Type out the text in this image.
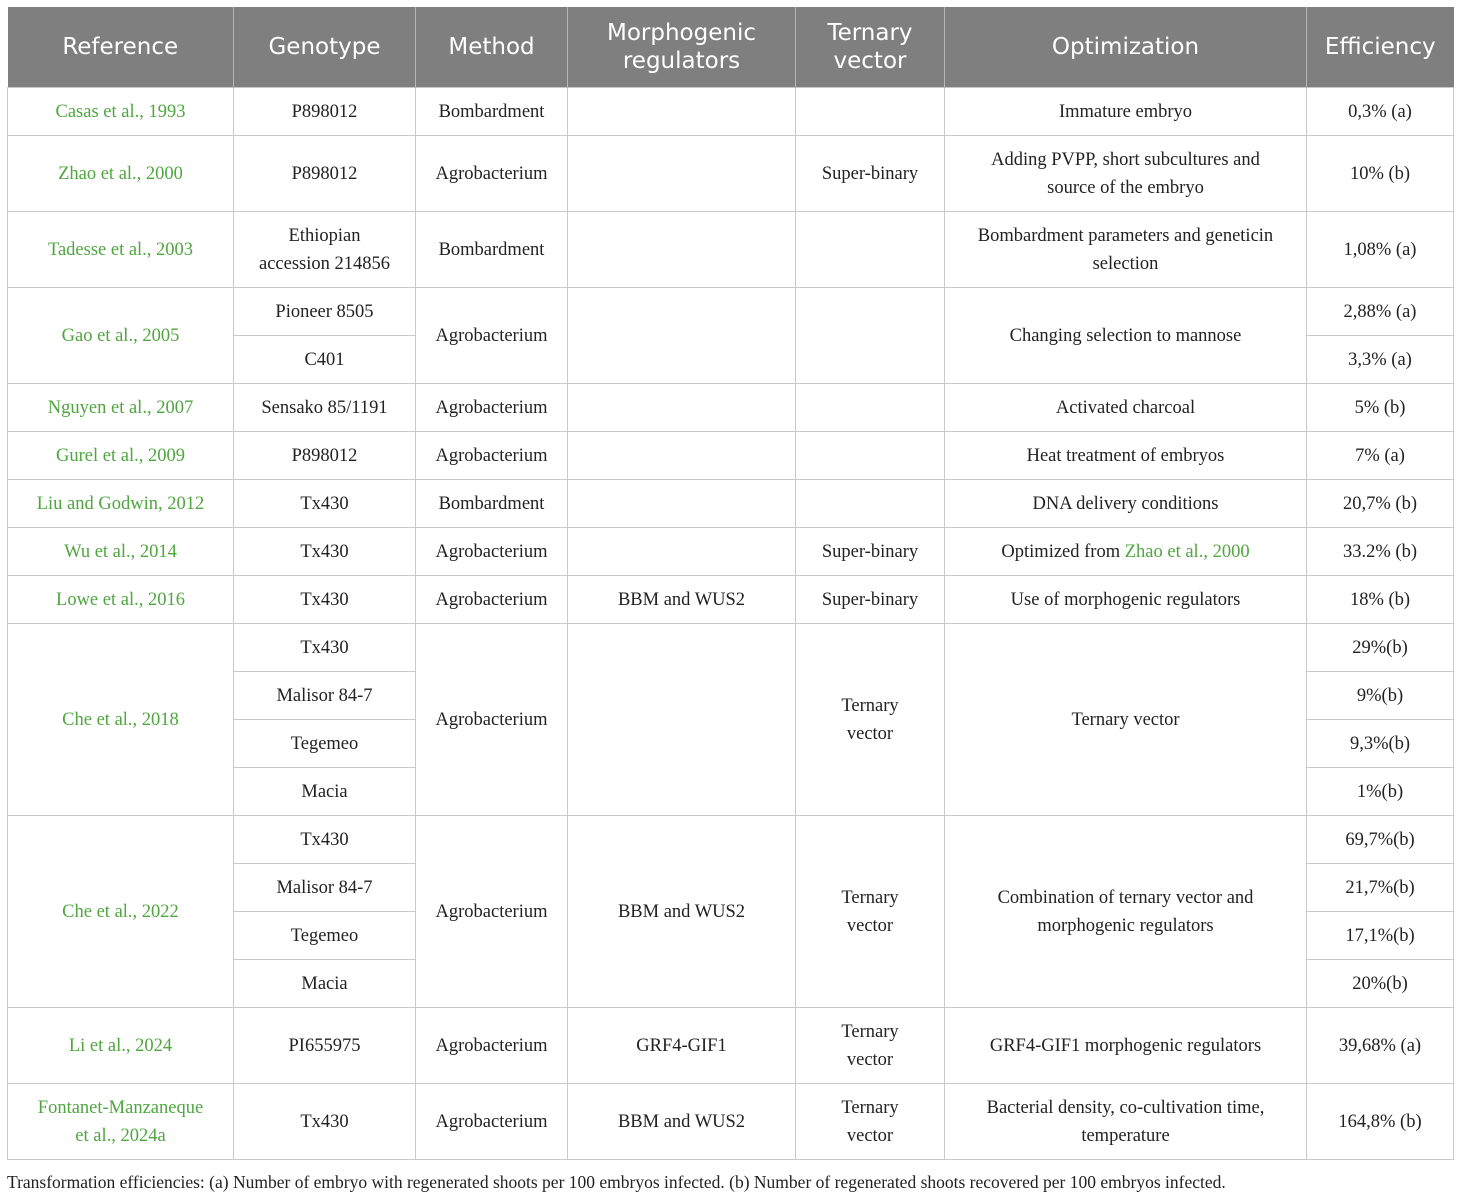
Reference	Genotype	Method	Morphogenic
regulators	Ternary
vector	Optimization	Efficiency
Casas et al., 1993	P898012	Bombardment			Immature embryo	0,3% (a)
Zhao et al., 2000	P898012	Agrobacterium		Super-binary	Adding PVPP, short subcultures and
source of the embryo	10% (b)
Tadesse et al., 2003	Ethiopian
accession 214856	Bombardment			Bombardment parameters and geneticin
selection	1,08% (a)
Gao et al., 2005	Pioneer 8505	Agrobacterium			Changing selection to mannose	2,88% (a)
	C401					3,3% (a)
Nguyen et al., 2007	Sensako 85/1191	Agrobacterium			Activated charcoal	5% (b)
Gurel et al., 2009	P898012	Agrobacterium			Heat treatment of embryos	7% (a)
Liu and Godwin, 2012	Tx430	Bombardment			DNA delivery conditions	20,7% (b)
Wu et al., 2014	Tx430	Agrobacterium		Super-binary	Optimized from Zhao et al., 2000	33.2% (b)
Lowe et al., 2016	Tx430	Agrobacterium	BBM and WUS2	Super-binary	Use of morphogenic regulators	18% (b)
Che et al., 2018	Tx430	Agrobacterium		Ternary
vector	Ternary vector	29%(b)
	Malisor 84-7					9%(b)
	Tegemeo					9,3%(b)
	Macia					1%(b)
Che et al., 2022	Tx430	Agrobacterium	BBM and WUS2	Ternary
vector	Combination of ternary vector and
morphogenic regulators	69,7%(b)
	Malisor 84-7					21,7%(b)
	Tegemeo					17,1%(b)
	Macia					20%(b)
Li et al., 2024	PI655975	Agrobacterium	GRF4-GIF1	Ternary
vector	GRF4-GIF1 morphogenic regulators	39,68% (a)
Fontanet-Manzaneque
et al., 2024a	Tx430	Agrobacterium	BBM and WUS2	Ternary
vector	Bacterial density, co-cultivation time,
temperature	164,8% (b)
Transformation efficiencies: (a) Number of embryo with regenerated shoots per 100 embryos infected. (b) Number of regenerated shoots recovered per 100 embryos infected.
